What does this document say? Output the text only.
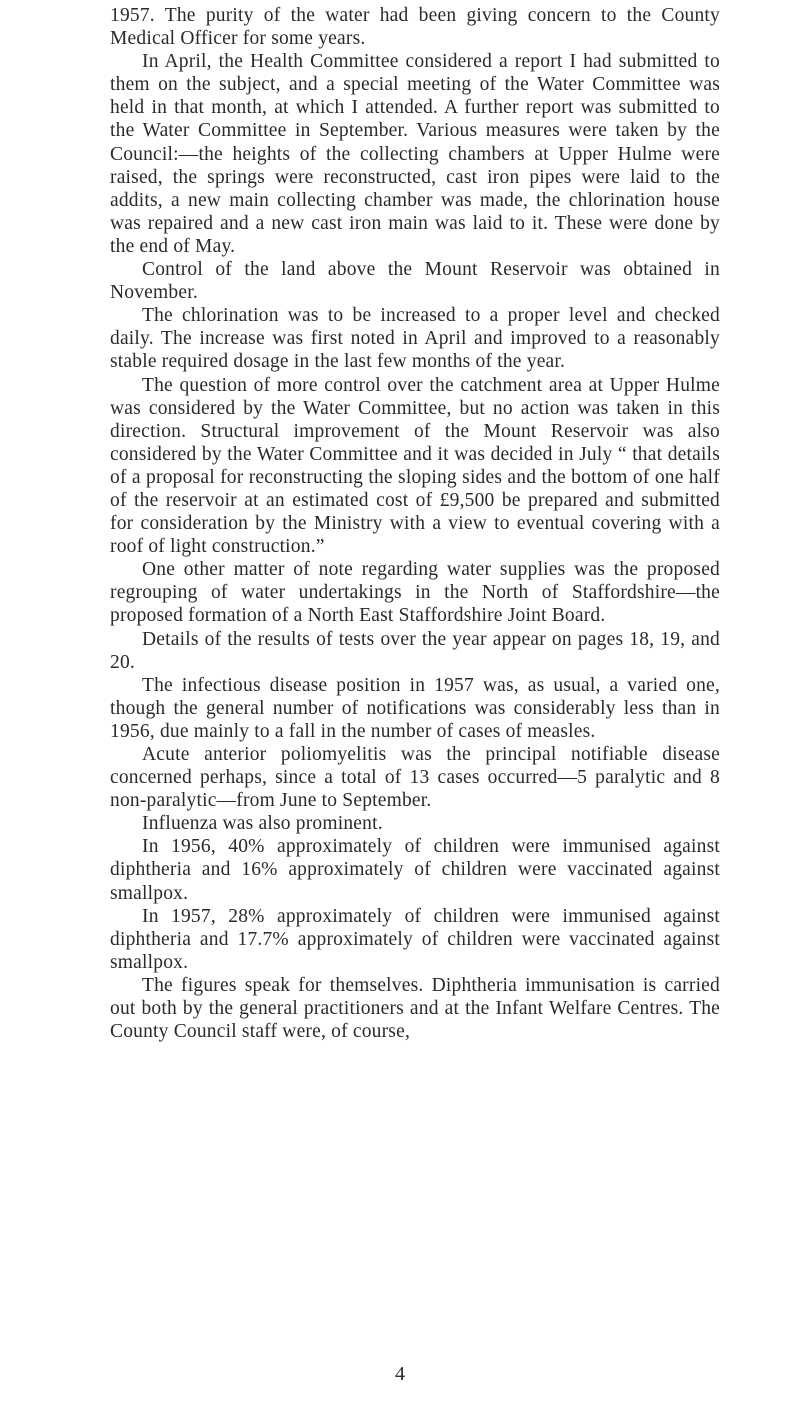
1957. The purity of the water had been giving concern to the County Medical Officer for some years.

In April, the Health Committee considered a report I had submitted to them on the subject, and a special meeting of the Water Committee was held in that month, at which I attended. A further report was submitted to the Water Committee in September. Various measures were taken by the Council:—the heights of the collecting chambers at Upper Hulme were raised, the springs were reconstructed, cast iron pipes were laid to the addits, a new main collecting chamber was made, the chlorination house was repaired and a new cast iron main was laid to it. These were done by the end of May.

Control of the land above the Mount Reservoir was obtained in November.

The chlorination was to be increased to a proper level and checked daily. The increase was first noted in April and improved to a reasonably stable required dosage in the last few months of the year.

The question of more control over the catchment area at Upper Hulme was considered by the Water Committee, but no action was taken in this direction. Structural improvement of the Mount Reservoir was also considered by the Water Committee and it was decided in July “ that details of a proposal for reconstructing the sloping sides and the bottom of one half of the reservoir at an estimated cost of £9,500 be prepared and submitted for consideration by the Ministry with a view to eventual covering with a roof of light construction.”

One other matter of note regarding water supplies was the proposed regrouping of water undertakings in the North of Staffordshire—the proposed formation of a North East Staffordshire Joint Board.

Details of the results of tests over the year appear on pages 18, 19, and 20.

The infectious disease position in 1957 was, as usual, a varied one, though the general number of notifications was considerably less than in 1956, due mainly to a fall in the number of cases of measles.

Acute anterior poliomyelitis was the principal notifiable disease concerned perhaps, since a total of 13 cases occurred—5 paralytic and 8 non-paralytic—from June to September.

Influenza was also prominent.

In 1956, 40% approximately of children were immunised against diphtheria and 16% approximately of children were vaccinated against smallpox.

In 1957, 28% approximately of children were immunised against diphtheria and 17.7% approximately of children were vaccinated against smallpox.

The figures speak for themselves. Diphtheria immunisation is carried out both by the general practitioners and at the Infant Welfare Centres. The County Council staff were, of course,

4
